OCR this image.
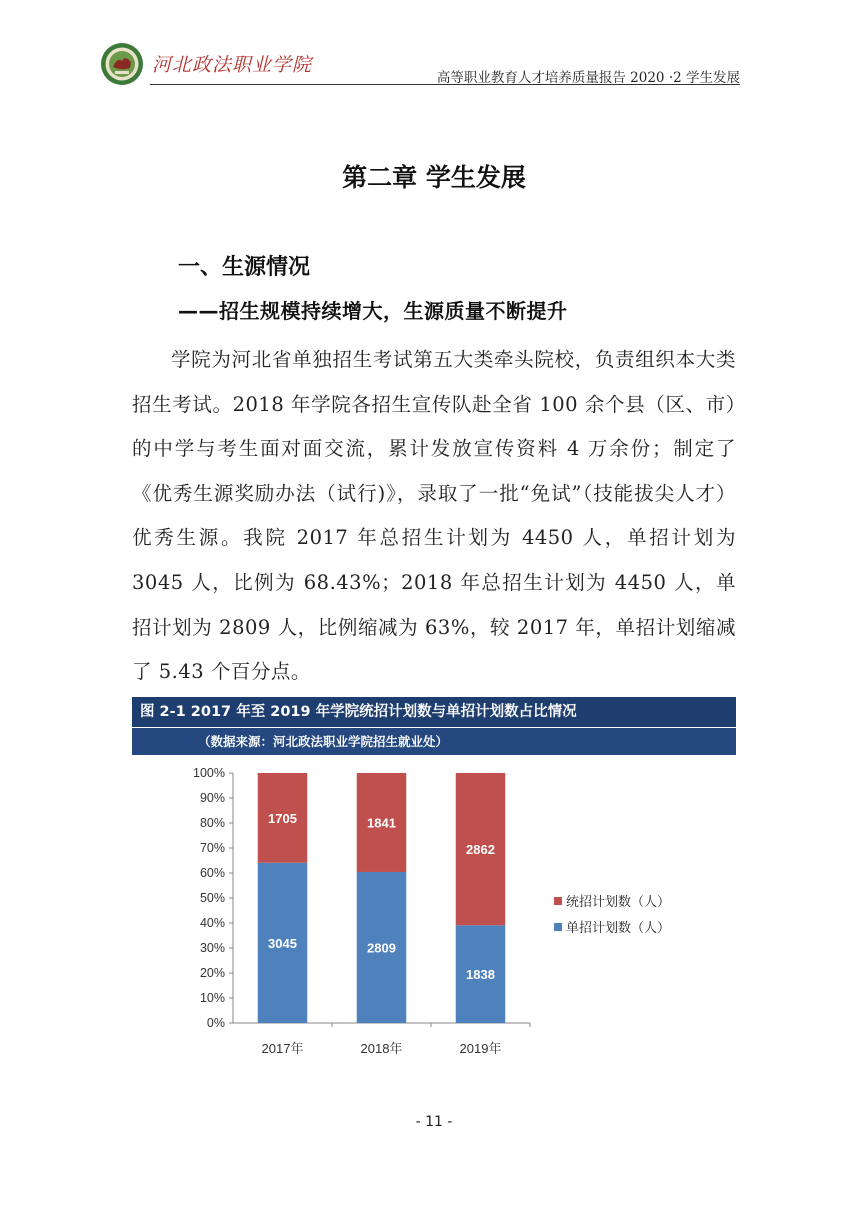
河北政法职业学院
高等职业教育人才培养质量报告 2020 ·2 学生发展
第二章 学生发展
一、生源情况
——招生规模持续增大，生源质量不断提升
学院为河北省单独招生考试第五大类牵头院校，负责组织本大类招生考试。2018 年学院各招生宣传队赴全省 100 余个县（区、市）的中学与考生面对面交流，累计发放宣传资料 4 万余份；制定了《优秀生源奖励办法（试行)》，录取了一批“免试”（技能拔尖人才）优秀生源。我院 2017 年总招生计划为 4450 人，单招计划为 3045 人，比例为 68.43%；2018 年总招生计划为 4450 人，单招计划为 2809 人，比例缩减为 63%，较 2017 年，单招计划缩减了 5.43 个百分点。
图 2-1 2017 年至 2019 年学院统招计划数与单招计划数占比情况
（数据来源：河北政法职业学院招生就业处）
0%
10%
20%
30%
40%
50%
60%
70%
80%
90%
100%
3045
1705
2017年
2809
1841
2018年
1838
2862
2019年
统招计划数（人）
单招计划数（人）
- 11 -
